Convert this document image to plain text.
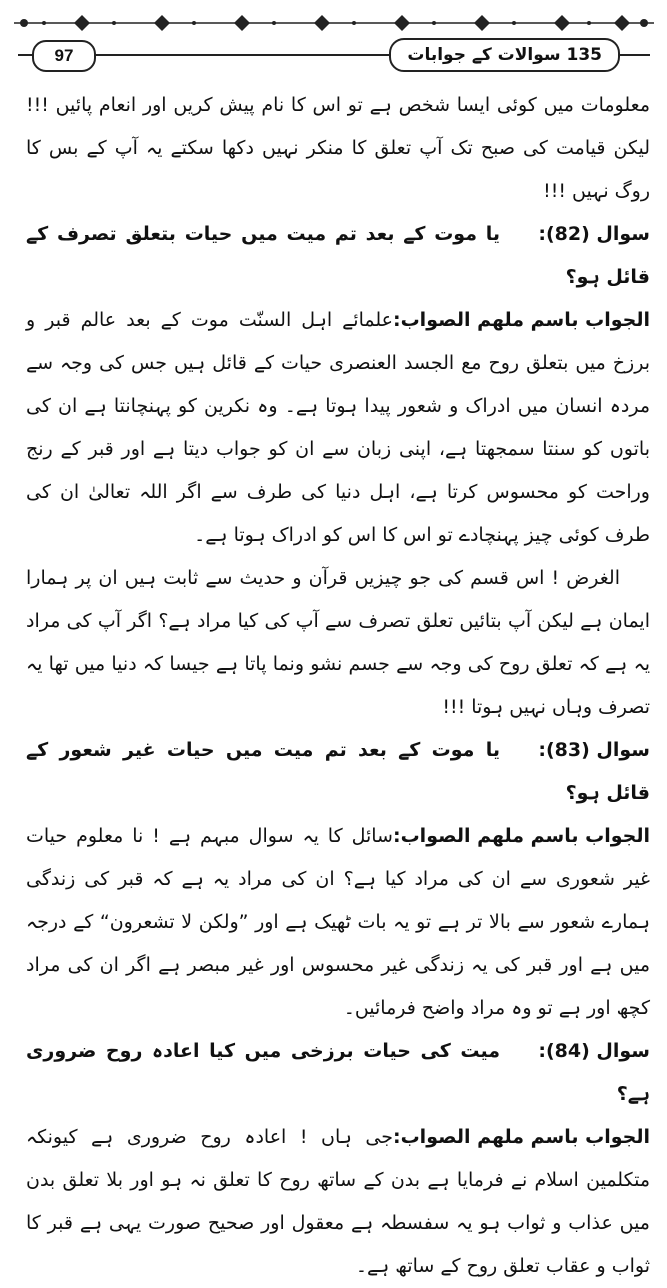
97	135 سوالات کے جوابات

معلومات میں کوئی ایسا شخص ہے تو اس کا نام پیش کریں اور انعام پائیں !!! لیکن قیامت کی صبح تک آپ تعلق کا منکر نہیں دکھا سکتے یہ آپ کے بس کا روگ نہیں !!!

سوال (82):یا موت کے بعد تم میت میں حیات بتعلق تصرف کے قائل ہو؟

الجواب باسم ملھم الصواب:علمائے اہل السنّت موت کے بعد عالم قبر و برزخ میں بتعلق روح مع الجسد العنصری حیات کے قائل ہیں جس کی وجہ سے مردہ انسان میں ادراک و شعور پیدا ہوتا ہے۔ وہ نکرین کو پہنچانتا ہے ان کی باتوں کو سنتا سمجھتا ہے، اپنی زبان سے ان کو جواب دیتا ہے اور قبر کے رنج وراحت کو محسوس کرتا ہے، اہل دنیا کی طرف سے اگر اللہ تعالیٰ ان کی طرف کوئی چیز پہنچادے تو اس کا اس کو ادراک ہوتا ہے۔

الغرض ! اس قسم کی جو چیزیں قرآن و حدیث سے ثابت ہیں ان پر ہمارا ایمان ہے لیکن آپ بتائیں تعلق تصرف سے آپ کی کیا مراد ہے؟ اگر آپ کی مراد یہ ہے کہ تعلق روح کی وجہ سے جسم نشو ونما پاتا ہے جیسا کہ دنیا میں تھا یہ تصرف وہاں نہیں ہوتا !!!

سوال (83):یا موت کے بعد تم میت میں حیات غیر شعور کے قائل ہو؟

الجواب باسم ملھم الصواب:سائل کا یہ سوال مبہم ہے ! نا معلوم حیات غیر شعوری سے ان کی مراد کیا ہے؟ ان کی مراد یہ ہے کہ قبر کی زندگی ہمارے شعور سے بالا تر ہے تو یہ بات ٹھیک ہے اور ”ولکن لا تشعرون“ کے درجہ میں ہے اور قبر کی یہ زندگی غیر محسوس اور غیر مبصر ہے اگر ان کی مراد کچھ اور ہے تو وہ مراد واضح فرمائیں۔

سوال (84):میت کی حیات برزخی میں کیا اعادہ روح ضروری ہے؟

الجواب باسم ملھم الصواب:جی ہاں ! اعادہ روح ضروری ہے کیونکہ متکلمین اسلام نے فرمایا ہے بدن کے ساتھ روح کا تعلق نہ ہو اور بلا تعلق بدن میں عذاب و ثواب ہو یہ سفسطہ ہے معقول اور صحیح صورت یہی ہے قبر کا ثواب و عقاب تعلق روح کے ساتھ ہے۔
